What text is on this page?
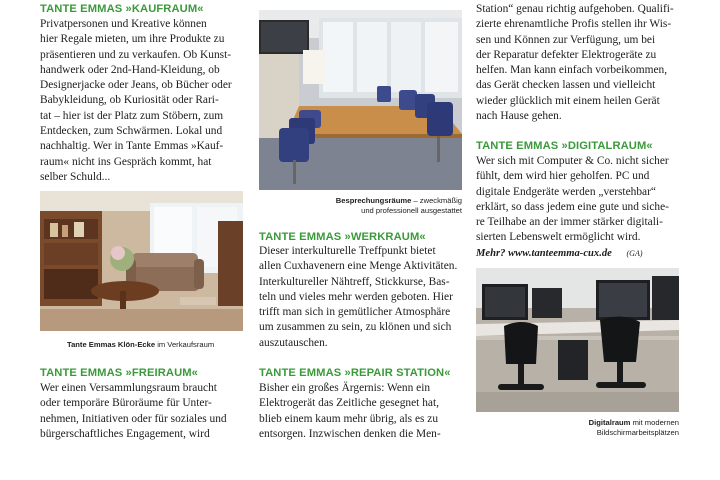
TANTE EMMAS »KAUFRAUM«
Privatpersonen und Kreative können
hier Regale mieten, um ihre Produkte zu
präsentieren und zu verkaufen. Ob Kunst-
handwerk oder 2nd-Hand-Kleidung, ob
Designerjacke oder Jeans, ob Bücher oder
Babykleidung, ob Kuriosität oder Rari-
tat – hier ist der Platz zum Stöbern, zum
Entdecken, zum Schwärmen. Lokal und
nachhaltig. Wer in Tante Emmas »Kauf-
raum« nicht ins Gespräch kommt, hat
selber Schuld...
Tante Emmas Klön-Ecke im Verkaufsraum
TANTE EMMAS »FREIRAUM«
Wer einen Versammlungsraum braucht
oder temporäre Büroräume für Unter-
nehmen, Initiativen oder für soziales und
bürgerschaftliches Engagement, wird
Besprechungsräume – zweckmäßig
und professionell ausgestattet
TANTE EMMAS »WERKRAUM«
Dieser interkulturelle Treffpunkt bietet
allen Cuxhavenern eine Menge Aktivitäten.
Interkultureller Nähtreff, Stickkurse, Bas-
teln und vieles mehr werden geboten. Hier
trifft man sich in gemütlicher Atmosphäre
um zusammen zu sein, zu klönen und sich
auszutauschen.
TANTE EMMAS »REPAIR STATION«
Bisher ein großes Ärgernis: Wenn ein
Elektrogerät das Zeitliche gesegnet hat,
blieb einem kaum mehr übrig, als es zu
entsorgen. Inzwischen denken die Men-
Station“ genau richtig aufgehoben. Qualifi-
zierte ehrenamtliche Profis stellen ihr Wis-
sen und Können zur Verfügung, um bei
der Reparatur defekter Elektrogeräte zu
helfen. Man kann einfach vorbeikommen,
das Gerät checken lassen und vielleicht
wieder glücklich mit einem heilen Gerät
nach Hause gehen.
TANTE EMMAS »DIGITALRAUM«
Wer sich mit Computer & Co. nicht sicher
fühlt, dem wird hier geholfen. PC und
digitale Endgeräte werden „verstehbar“
erklärt, so dass jedem eine gute und siche-
re Teilhabe an der immer stärker digitali-
sierten Lebenswelt ermöglicht wird.
Mehr? www.tanteemma-cux.de (GA)
Digitalraum mit modernen
Bildschirmarbeitsplätzen
